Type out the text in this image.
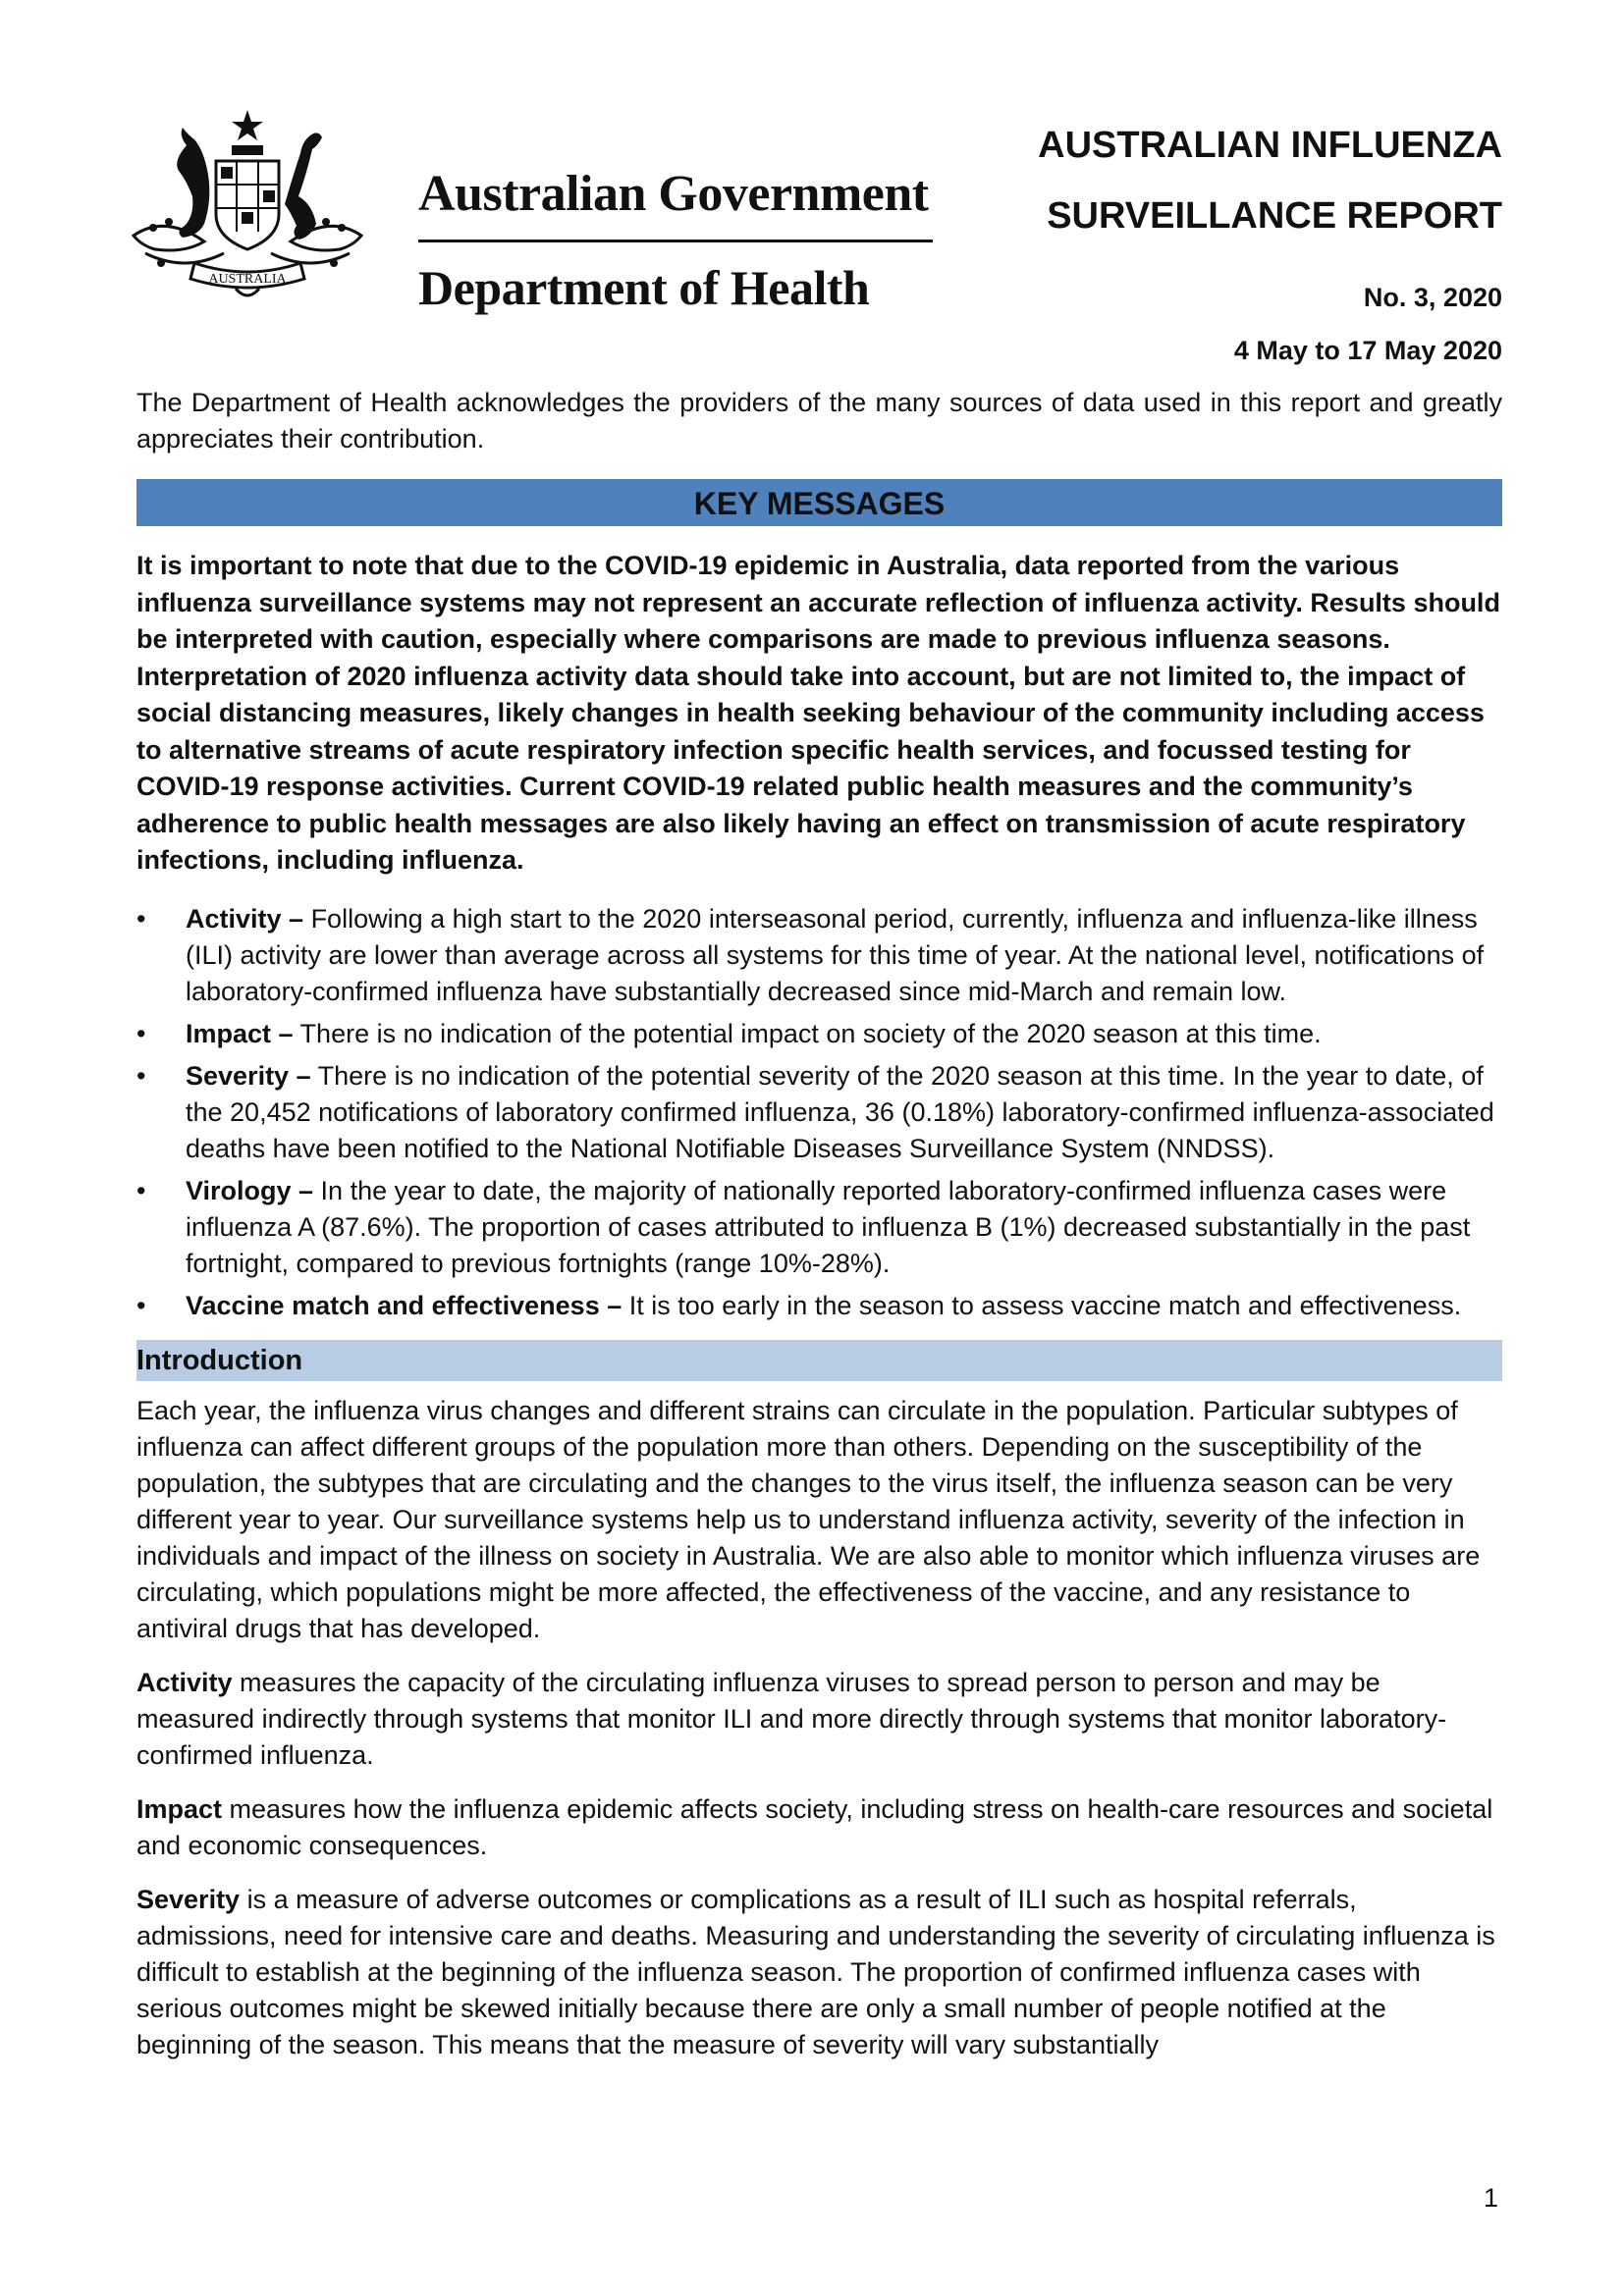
AUSTRALIA
Australian Government
Department of Health
AUSTRALIAN INFLUENZA
SURVEILLANCE REPORT
No. 3, 2020
4 May to 17 May 2020

The Department of Health acknowledges the providers of the many sources of data used in this report and greatly appreciates their contribution.

KEY MESSAGES

It is important to note that due to the COVID-19 epidemic in Australia, data reported from the various influenza surveillance systems may not represent an accurate reflection of influenza activity. Results should be interpreted with caution, especially where comparisons are made to previous influenza seasons. Interpretation of 2020 influenza activity data should take into account, but are not limited to, the impact of social distancing measures, likely changes in health seeking behaviour of the community including access to alternative streams of acute respiratory infection specific health services, and focussed testing for COVID-19 response activities. Current COVID-19 related public health measures and the community’s adherence to public health messages are also likely having an effect on transmission of acute respiratory infections, including influenza.

• Activity – Following a high start to the 2020 interseasonal period, currently, influenza and influenza-like illness (ILI) activity are lower than average across all systems for this time of year. At the national level, notifications of laboratory-confirmed influenza have substantially decreased since mid-March and remain low.
• Impact – There is no indication of the potential impact on society of the 2020 season at this time.
• Severity – There is no indication of the potential severity of the 2020 season at this time. In the year to date, of the 20,452 notifications of laboratory confirmed influenza, 36 (0.18%) laboratory-confirmed influenza-associated deaths have been notified to the National Notifiable Diseases Surveillance System (NNDSS).
• Virology – In the year to date, the majority of nationally reported laboratory-confirmed influenza cases were influenza A (87.6%). The proportion of cases attributed to influenza B (1%) decreased substantially in the past fortnight, compared to previous fortnights (range 10%-28%).
• Vaccine match and effectiveness – It is too early in the season to assess vaccine match and effectiveness.
Introduction

Each year, the influenza virus changes and different strains can circulate in the population. Particular subtypes of influenza can affect different groups of the population more than others. Depending on the susceptibility of the population, the subtypes that are circulating and the changes to the virus itself, the influenza season can be very different year to year. Our surveillance systems help us to understand influenza activity, severity of the infection in individuals and impact of the illness on society in Australia. We are also able to monitor which influenza viruses are circulating, which populations might be more affected, the effectiveness of the vaccine, and any resistance to antiviral drugs that has developed.

Activity measures the capacity of the circulating influenza viruses to spread person to person and may be measured indirectly through systems that monitor ILI and more directly through systems that monitor laboratory-confirmed influenza.

Impact measures how the influenza epidemic affects society, including stress on health-care resources and societal and economic consequences.

Severity is a measure of adverse outcomes or complications as a result of ILI such as hospital referrals, admissions, need for intensive care and deaths. Measuring and understanding the severity of circulating influenza is difficult to establish at the beginning of the influenza season. The proportion of confirmed influenza cases with serious outcomes might be skewed initially because there are only a small number of people notified at the beginning of the season. This means that the measure of severity will vary substantially

1
